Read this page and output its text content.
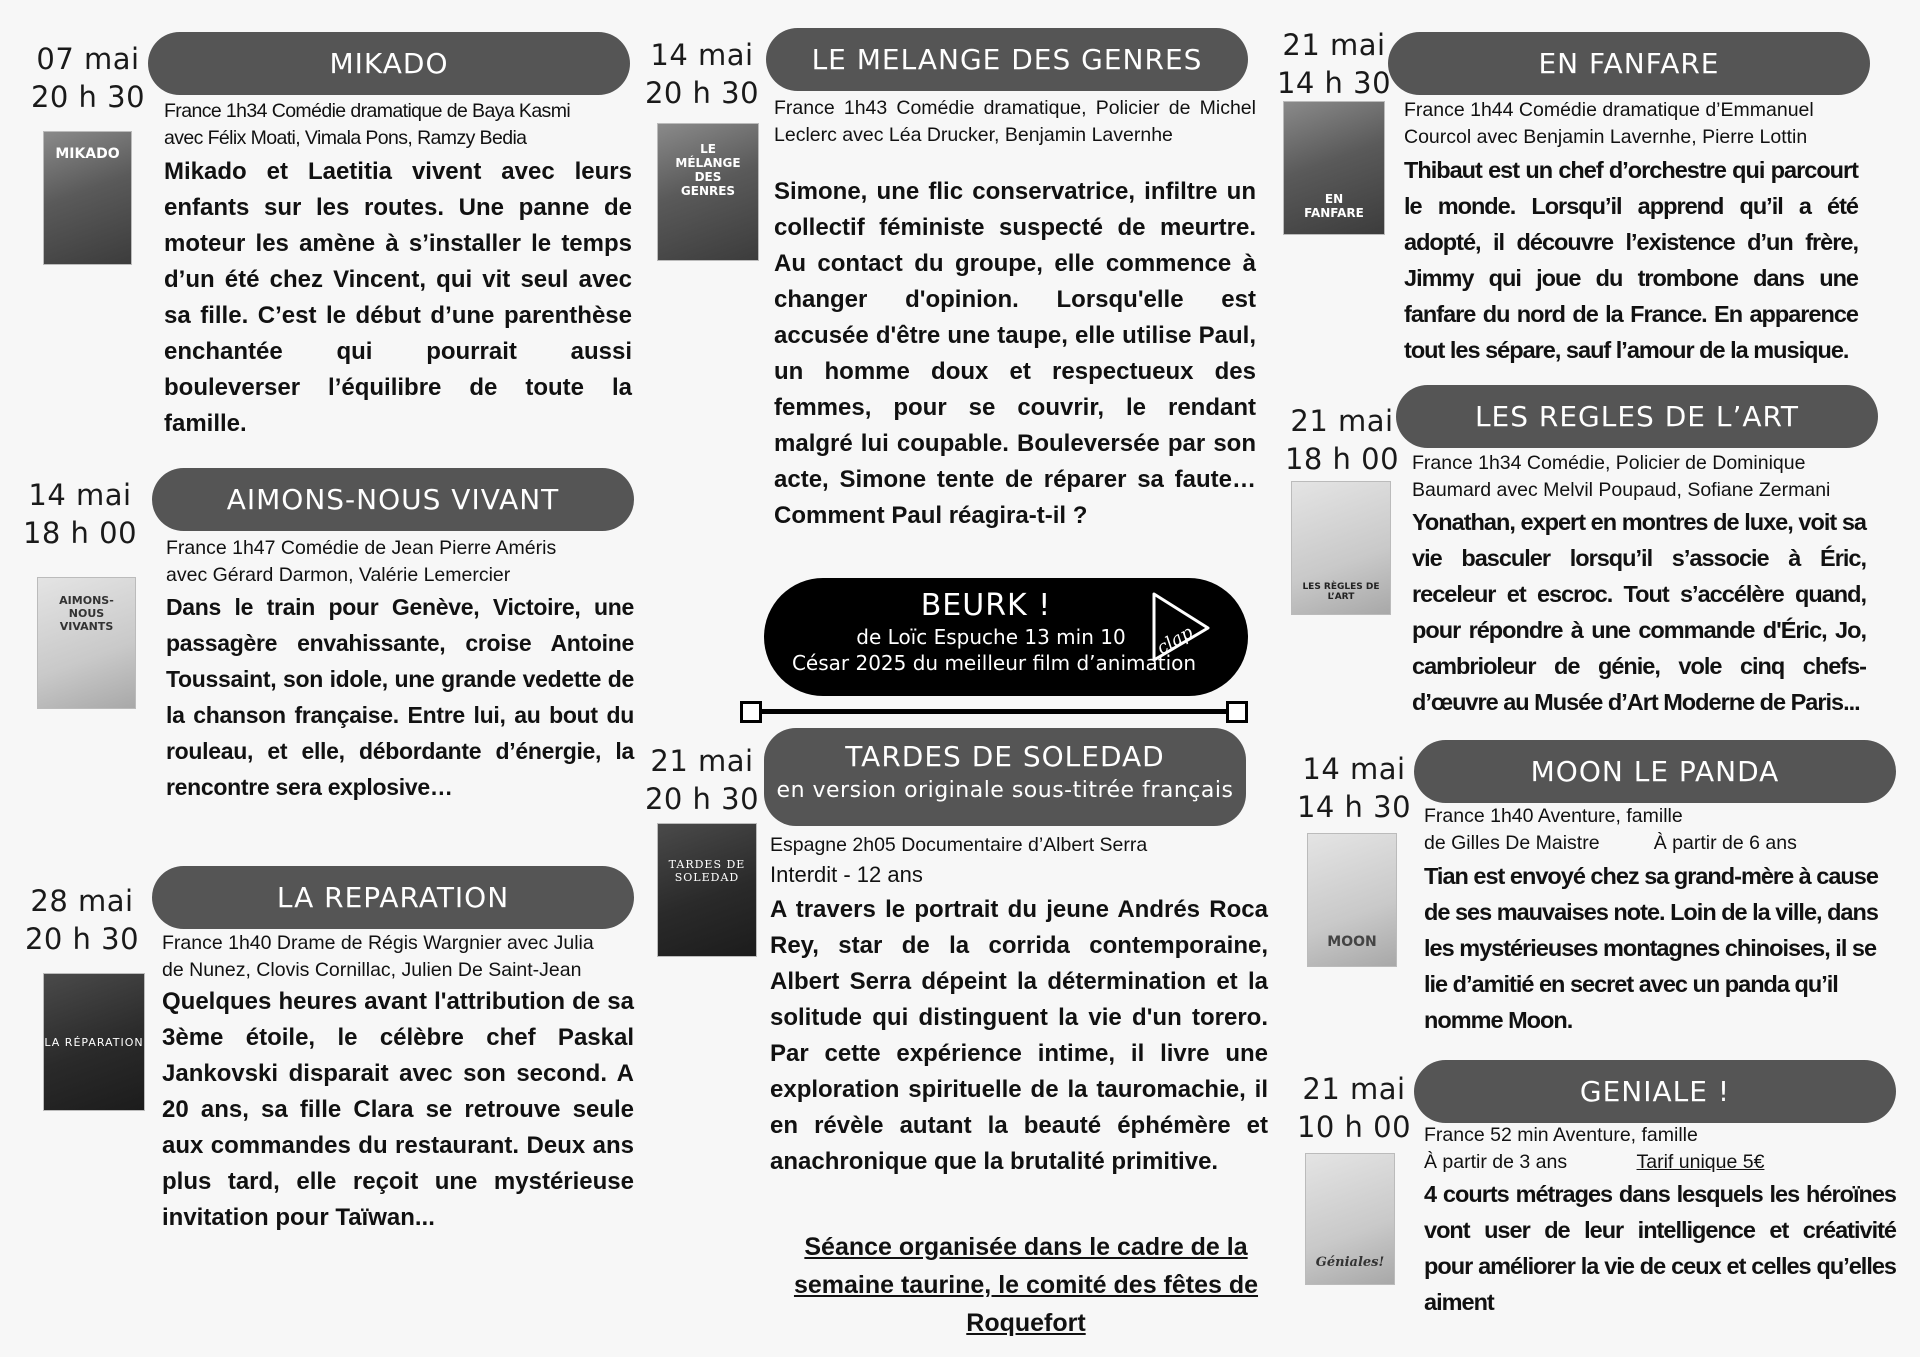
07 mai
20 h 30
MIKADO
MIKADO
France 1h34 Comédie dramatique de Baya Kasmi
avec Félix Moati, Vimala Pons, Ramzy Bedia
Mikado et Laetitia vivent avec leurs enfants sur les routes. Une panne de moteur les amène à s’installer le temps d’un été chez Vincent, qui vit seul avec sa fille. C’est le début d’une parenthèse enchantée qui pourrait aussi bouleverser l’équilibre de toute la famille.
14 mai
18 h 00
AIMONS-NOUS VIVANT
AIMONS-NOUS VIVANTS
France 1h47 Comédie de Jean Pierre Améris
avec Gérard Darmon, Valérie Lemercier
Dans le train pour Genève, Victoire, une passagère envahissante, croise Antoine Toussaint, son idole, une grande vedette de la chanson française. Entre lui, au bout du rouleau, et elle, débordante d’énergie, la rencontre sera explosive…
28 mai
20 h 30
LA REPARATION
LA RÉPARATION
France 1h40 Drame de Régis Wargnier avec Julia
de Nunez, Clovis Cornillac, Julien De Saint-Jean
Quelques heures avant l'attribution de sa 3ème étoile, le célèbre chef Paskal Jankovski disparait avec son second. A 20 ans, sa fille Clara se retrouve seule aux commandes du restaurant. Deux ans plus tard, elle reçoit une mystérieuse invitation pour Taïwan...
14 mai
20 h 30
LE MELANGE DES GENRES
LE MÉLANGE DES GENRES
France 1h43 Comédie dramatique, Policier de Michel Leclerc avec Léa Drucker, Benjamin Lavernhe
Simone, une flic conservatrice, infiltre un collectif féministe suspecté de meurtre. Au contact du groupe, elle commence à changer d'opinion. Lorsqu'elle est accusée d'être une taupe, elle utilise Paul, un homme doux et respectueux des femmes, pour se couvrir, le rendant malgré lui coupable. Bouleversée par son acte, Simone tente de réparer sa faute… Comment Paul réagira-t-il ?
BEURK !
de Loïc Espuche 13 min 10
César 2025 du meilleur film d’animation
clap
21 mai
20 h 30
TARDES DE SOLEDAD
en version originale sous-titrée français
TARDES DE SOLEDAD
Espagne 2h05 Documentaire d’Albert Serra
Interdit - 12 ans
A travers le portrait du jeune Andrés Roca Rey, star de la corrida contemporaine, Albert Serra dépeint la détermination et la solitude qui distinguent la vie d'un torero. Par cette expérience intime, il livre une exploration spirituelle de la tauromachie, il en révèle autant la beauté éphémère et anachronique que la brutalité primitive.
Séance organisée dans le cadre de la semaine taurine, le comité des fêtes de Roquefort
21 mai
14 h 30
EN FANFARE
EN FANFARE
France 1h44 Comédie dramatique d’Emmanuel
Courcol avec Benjamin Lavernhe, Pierre Lottin
Thibaut est un chef d’orchestre qui parcourt le monde. Lorsqu’il apprend qu’il a été adopté, il découvre l’existence d’un frère, Jimmy qui joue du trombone dans une fanfare du nord de la France. En apparence tout les sépare, sauf l’amour de la musique.
21 mai
18 h 00
LES REGLES DE L’ART
LES RÈGLES DE L’ART
France 1h34 Comédie, Policier de Dominique
Baumard avec Melvil Poupaud, Sofiane Zermani
Yonathan, expert en montres de luxe, voit sa vie basculer lorsqu’il s’associe à Éric, receleur et escroc. Tout s’accélère quand, pour répondre à une commande d'Éric, Jo, cambrioleur de génie, vole cinq chefs-d’œuvre au Musée d’Art Moderne de Paris...
14 mai
14 h 30
MOON LE PANDA
MOON
France 1h40 Aventure, famille
de Gilles De Maistre          À partir de 6 ans
Tian est envoyé chez sa grand-mère à cause de ses mauvaises note. Loin de la ville, dans les mystérieuses montagnes chinoises, il se lie d’amitié en secret avec un panda qu’il nomme Moon.
21 mai
10 h 00
GENIALE !
Géniales!
France 52 min Aventure, famille
À partir de 3 ans	Tarif unique 5€
4 courts métrages dans lesquels les héroïnes vont user de leur intelligence et créativité pour améliorer la vie de ceux et celles qu’elles aiment
